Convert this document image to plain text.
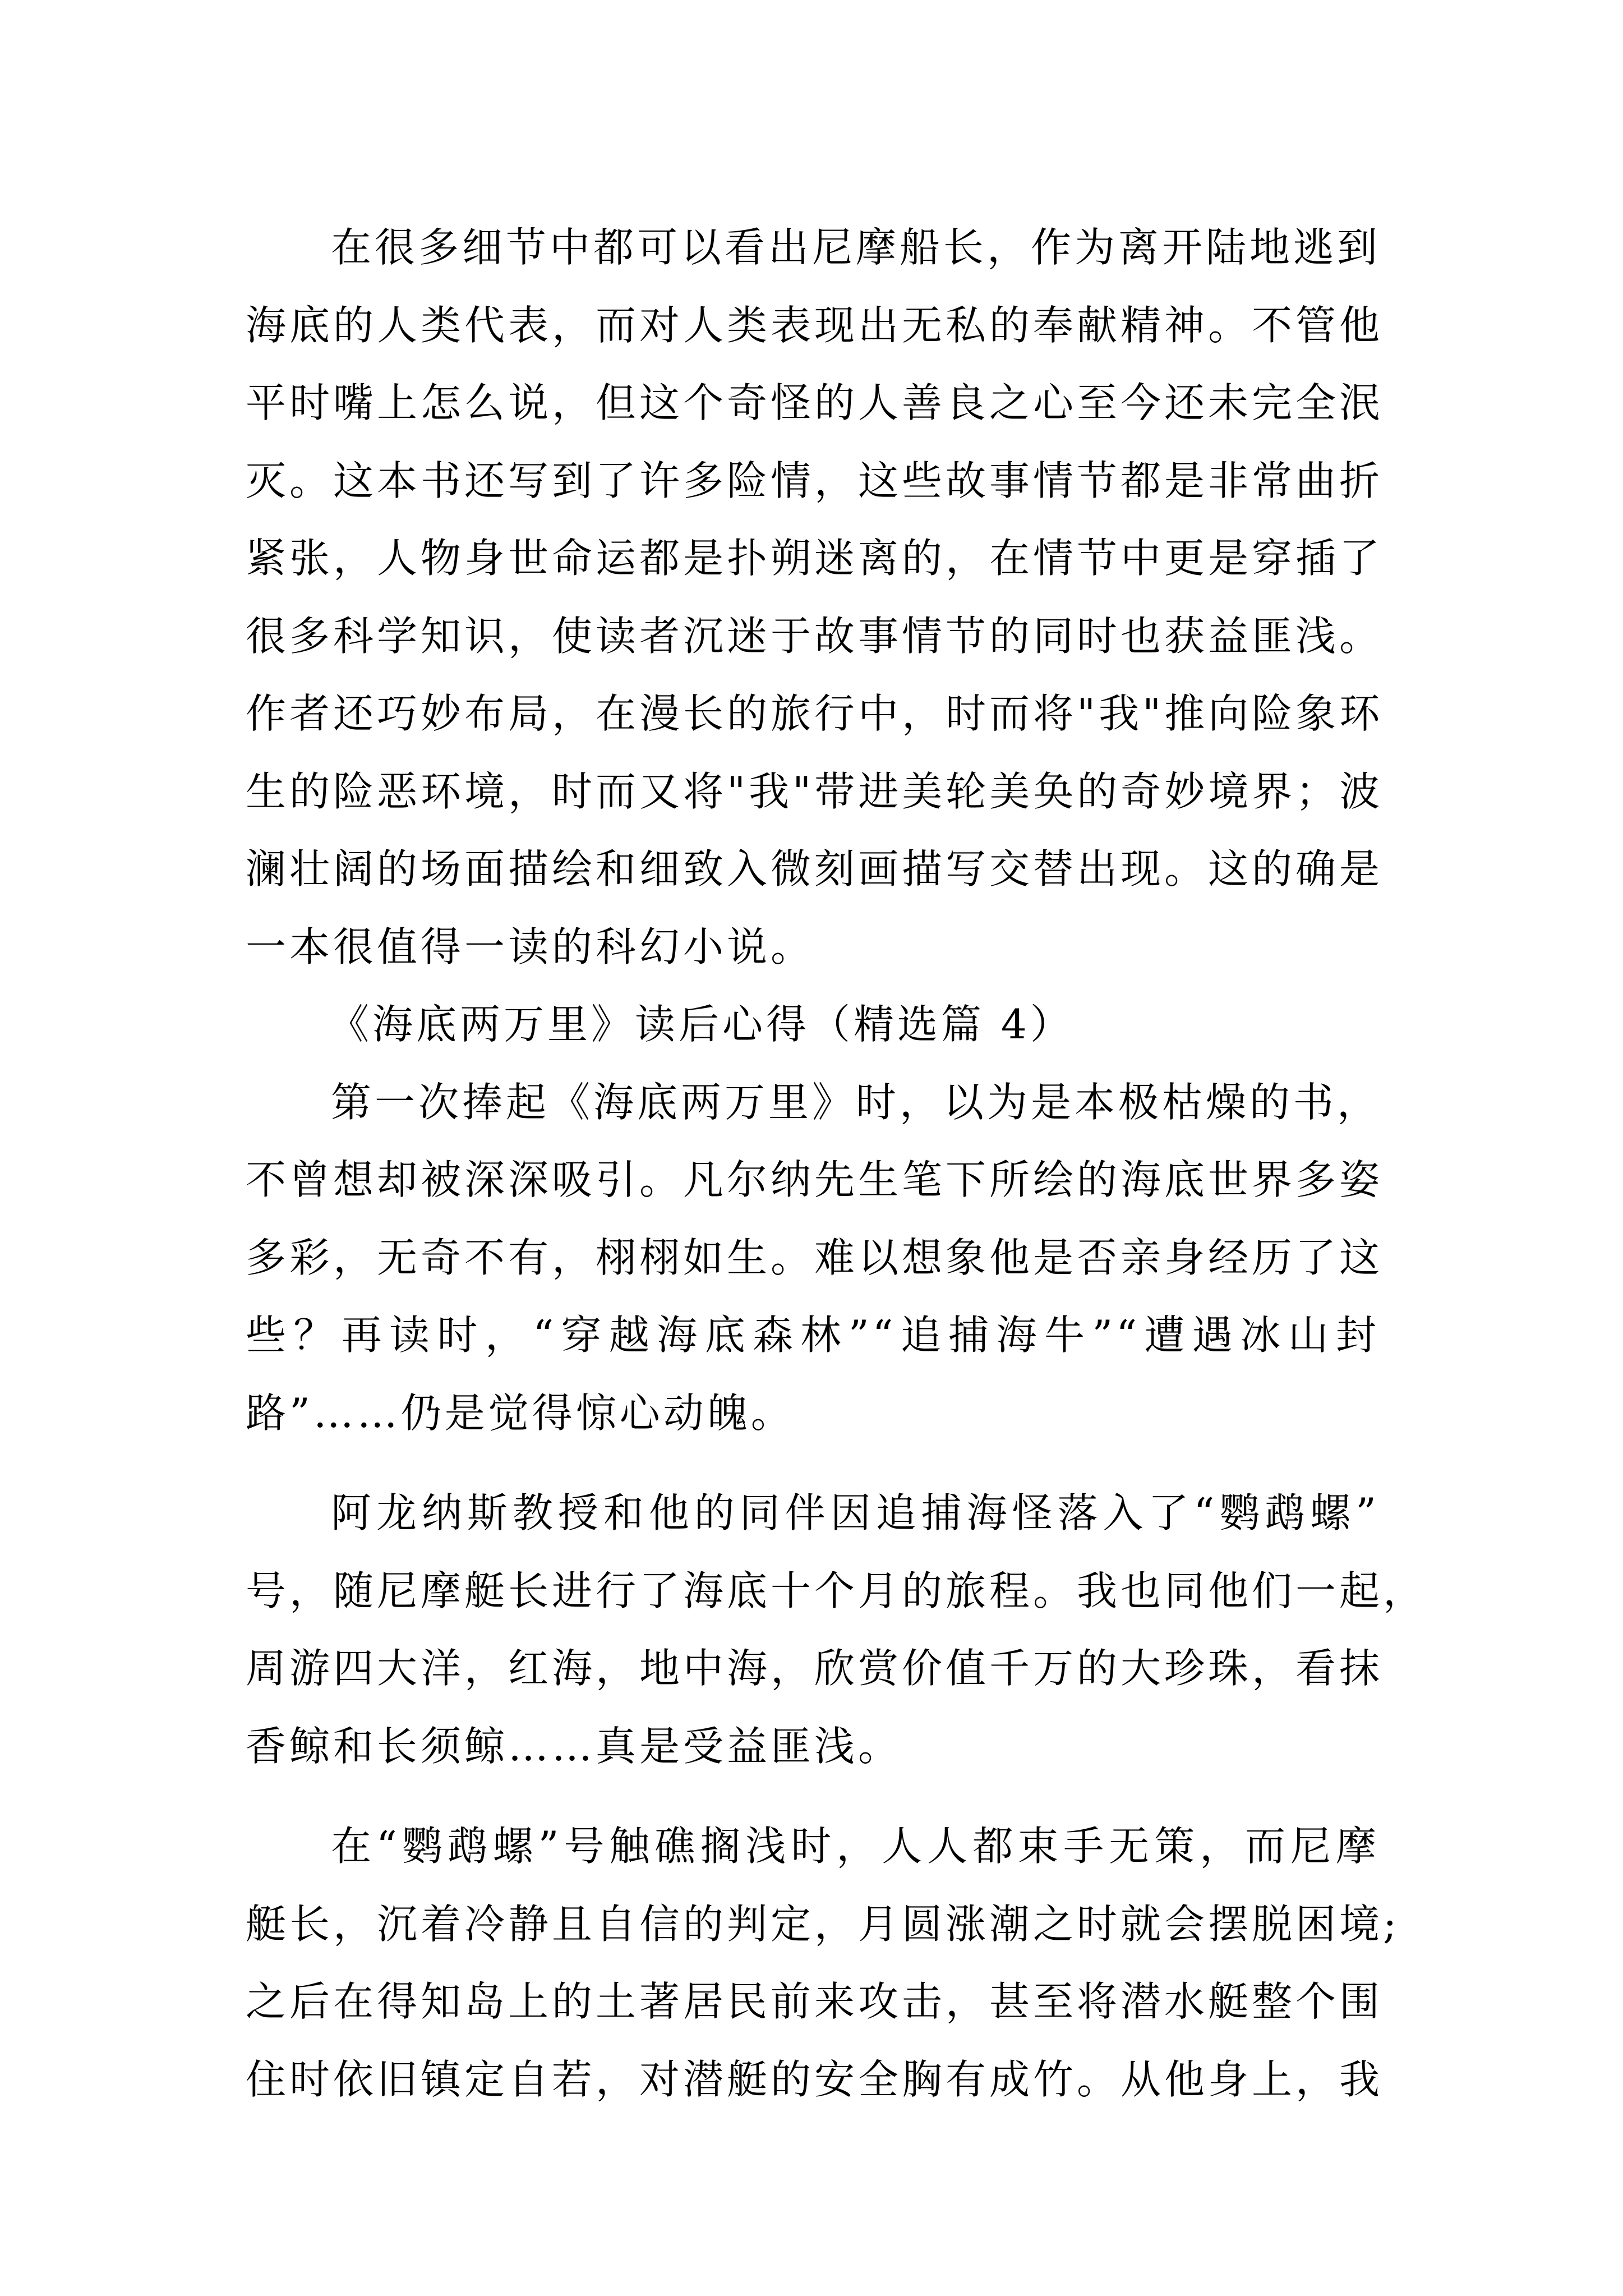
在很多细节中都可以看出尼摩船长，作为离开陆地逃到
海底的人类代表，而对人类表现出无私的奉献精神。不管他
平时嘴上怎么说，但这个奇怪的人善良之心至今还未完全泯
灭。这本书还写到了许多险情，这些故事情节都是非常曲折
紧张，人物身世命运都是扑朔迷离的，在情节中更是穿插了
很多科学知识，使读者沉迷于故事情节的同时也获益匪浅。
作者还巧妙布局，在漫长的旅行中，时而将"我"推向险象环
生的险恶环境，时而又将"我"带进美轮美奂的奇妙境界；波
澜壮阔的场面描绘和细致入微刻画描写交替出现。这的确是
一本很值得一读的科幻小说。
《海底两万里》读后心得（精选篇 4）
第一次捧起《海底两万里》时，以为是本极枯燥的书，
不曾想却被深深吸引。凡尔纳先生笔下所绘的海底世界多姿
多彩，无奇不有，栩栩如生。难以想象他是否亲身经历了这
些？再读时，“穿越海底森林”“追捕海牛”“遭遇冰山封
路”……仍是觉得惊心动魄。
阿龙纳斯教授和他的同伴因追捕海怪落入了“鹦鹉螺”
号，随尼摩艇长进行了海底十个月的旅程。我也同他们一起，
周游四大洋，红海，地中海，欣赏价值千万的大珍珠，看抹
香鲸和长须鲸……真是受益匪浅。
在“鹦鹉螺”号触礁搁浅时，人人都束手无策，而尼摩
艇长，沉着冷静且自信的判定，月圆涨潮之时就会摆脱困境;
之后在得知岛上的土著居民前来攻击，甚至将潜水艇整个围
住时依旧镇定自若，对潜艇的安全胸有成竹。从他身上，我
